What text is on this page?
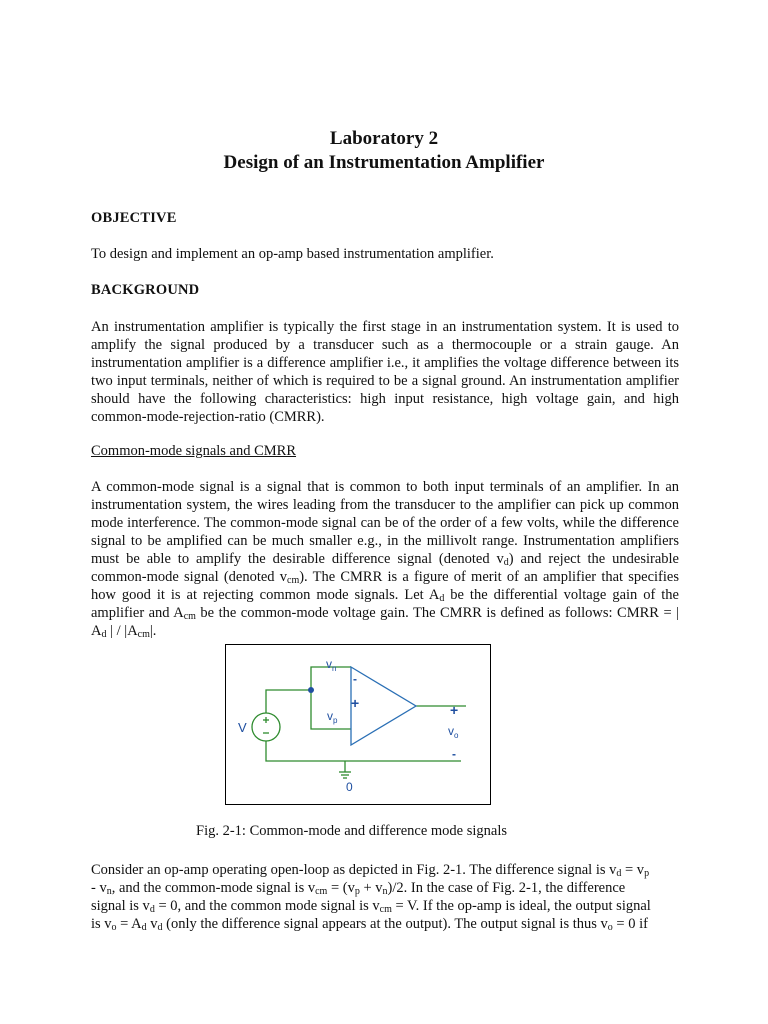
Laboratory 2
Design of an Instrumentation Amplifier
OBJECTIVE
To design and implement an op-amp based instrumentation amplifier.
BACKGROUND
An instrumentation amplifier is typically the first stage in an instrumentation system. It is used to amplify the signal produced by a transducer such as a thermocouple or a strain gauge. An instrumentation amplifier is a difference amplifier i.e., it amplifies the voltage difference between its two input terminals, neither of which is required to be a signal ground. An instrumentation amplifier should have the following characteristics: high input resistance, high voltage gain, and high common-mode-rejection-ratio (CMRR).
Common-mode signals and CMRR
A common-mode signal is a signal that is common to both input terminals of an amplifier. In an instrumentation system, the wires leading from the transducer to the amplifier can pick up common mode interference. The common-mode signal can be of the order of a few volts, while the difference signal to be amplified can be much smaller e.g., in the millivolt range. Instrumentation amplifiers must be able to amplify the desirable difference signal (denoted $v_d$) and reject the undesirable common-mode signal (denoted $v_{cm}$). The CMRR is a figure of merit of an amplifier that specifies how good it is at rejecting common mode signals. Let $A_d$ be the differential voltage gain of the amplifier and $A_{cm}$ be the common-mode voltage gain. The CMRR is defined as follows: CMRR = | $A_d$ | / $|A_{cm}|$.
$v_n$
-
+
$v_p$
V
+
$v_o$
-
0
Fig. 2-1: Common-mode and difference mode signals
Consider an op-amp operating open-loop as depicted in Fig. 2-1. The difference signal is $v_d = v_p$
- $v_n$, and the common-mode signal is $v_{cm} = (v_p + v_n)/2$. In the case of Fig. 2-1, the difference
signal is $v_d = 0$, and the common mode signal is $v_{cm} = V$. If the op-amp is ideal, the output signal
is $v_o = A_d$ $v_d$ (only the difference signal appears at the output). The output signal is thus $v_o = 0$ if
